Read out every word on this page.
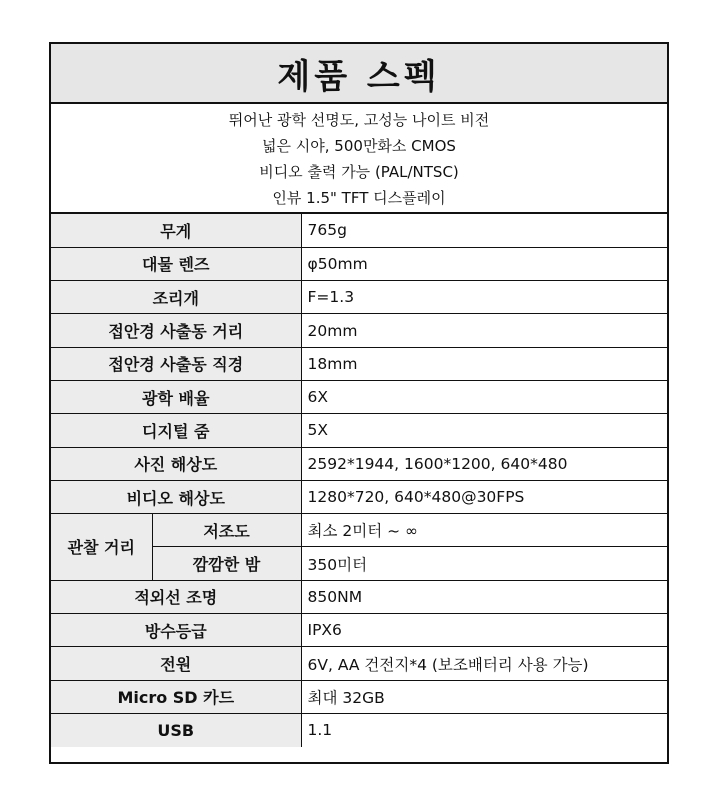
제품 스펙
뛰어난 광학 선명도, 고성능 나이트 비전
넓은 시야, 500만화소 CMOS
비디오 출력 가능 (PAL/NTSC)
인뷰 1.5" TFT 디스플레이
무게		765g
대물 렌즈		φ50mm
조리개		F=1.3
접안경 사출동 거리		20mm
접안경 사출동 직경		18mm
광학 배율		6X
디지털 줌		5X
사진 해상도		2592*1944, 1600*1200, 640*480
비디오 해상도		1280*720, 640*480@30FPS
관찰 거리	저조도	최소 2미터 ~ ∞
	깜깜한 밤	350미터
적외선 조명		850NM
방수등급		IPX6
전원		6V, AA 건전지*4 (보조배터리 사용 가능)
Micro SD 카드		최대 32GB
USB		1.1
